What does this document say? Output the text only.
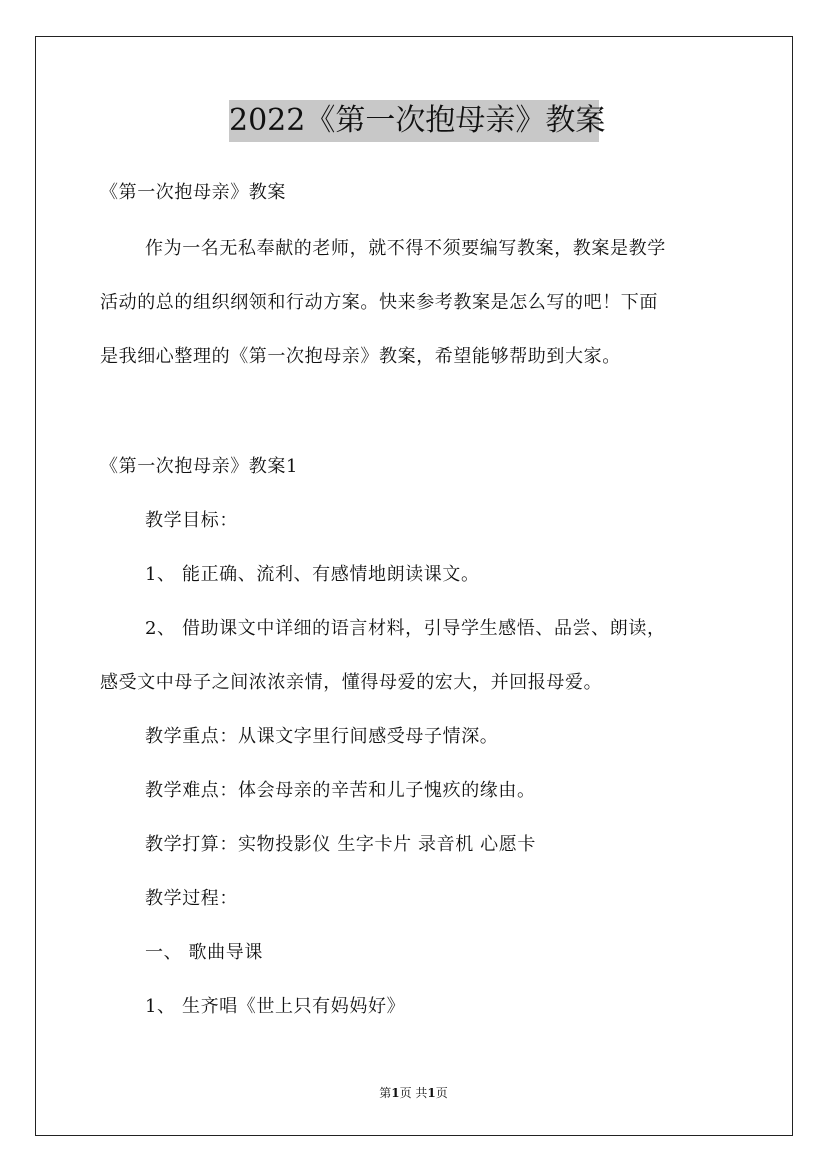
2022《第一次抱母亲》教案
《第一次抱母亲》教案
作为一名无私奉献的老师，就不得不须要编写教案，教案是教学
活动的总的组织纲领和行动方案。快来参考教案是怎么写的吧！下面
是我细心整理的《第一次抱母亲》教案，希望能够帮助到大家。
《第一次抱母亲》教案1
教学目标：
1、 能正确、流利、有感情地朗读课文。
2、 借助课文中详细的语言材料，引导学生感悟、品尝、朗读，
感受文中母子之间浓浓亲情，懂得母爱的宏大，并回报母爱。
教学重点：从课文字里行间感受母子情深。
教学难点：体会母亲的辛苦和儿子愧疚的缘由。
教学打算：实物投影仪 生字卡片 录音机 心愿卡
教学过程：
一、 歌曲导课
1、 生齐唱《世上只有妈妈好》
第1页 共1页
